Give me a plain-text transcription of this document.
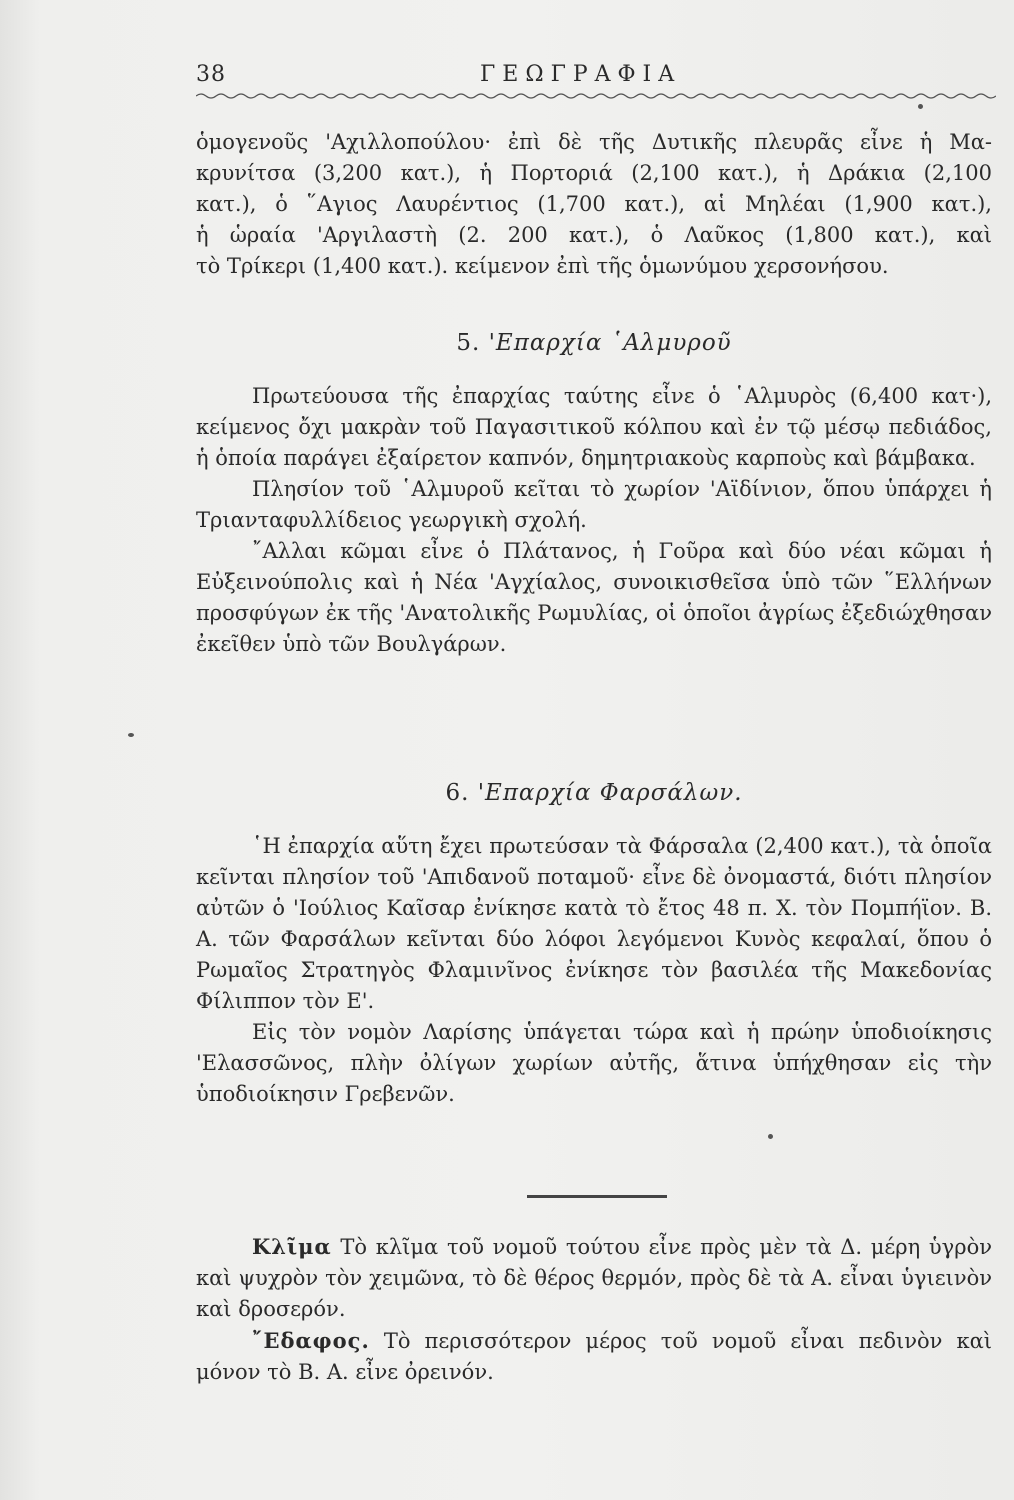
38	ΓΕΩΓΡΑΦΙΑ

ὁμογενοῦς 'Αχιλλοπούλου· ἐπὶ δὲ τῆς Δυτικῆς πλευρᾶς εἶνε ἡ Μα-

κρυνίτσα (3,200 κατ.), ἡ Πορτοριά (2,100 κατ.), ἡ Δράκια (2,100

κατ.), ὁ ῞Αγιος Λαυρέντιος (1,700 κατ.), αἱ Μηλέαι (1,900 κατ.),

ἡ ὡραία 'Αργιλαστὴ (2. 200 κατ.), ὁ Λαῦκος (1,800 κατ.), καὶ

τὸ Τρίκερι (1,400 κατ.). κείμενον ἐπὶ τῆς ὁμωνύμου χερσονήσου.

5. 'Επαρχία ῾Αλμυροῦ

Πρωτεύουσα τῆς ἐπαρχίας ταύτης εἶνε ὁ ῾Αλμυρὸς (6,400 κατ·), κείμενος ὄχι μακρὰν τοῦ Παγασιτικοῦ κόλπου καὶ ἐν τῷ μέσῳ πεδιάδος, ἡ ὁποία παράγει ἐξαίρετον καπνόν, δημητριακοὺς καρποὺς καὶ βάμβακα.

Πλησίον τοῦ ῾Αλμυροῦ κεῖται τὸ χωρίον 'Αϊδίνιον, ὅπου ὑπάρχει ἡ Τριανταφυλλίδειος γεωργικὴ σχολή.

῎Αλλαι κῶμαι εἶνε ὁ Πλάτανος, ἡ Γοῦρα καὶ δύο νέαι κῶμαι ἡ Εὐξεινούπολις καὶ ἡ Νέα 'Αγχίαλος, συνοικισθεῖσα ὑπὸ τῶν ῞Ελλήνων προσφύγων ἐκ τῆς 'Ανατολικῆς Ρωμυλίας, οἱ ὁποῖοι ἀγρίως ἐξεδιώχθησαν ἐκεῖθεν ὑπὸ τῶν Βουλγάρων.

6. 'Επαρχία Φαρσάλων.

῾Η ἐπαρχία αὕτη ἔχει πρωτεύσαν τὰ Φάρσαλα (2,400 κατ.), τὰ ὁποῖα κεῖνται πλησίον τοῦ 'Απιδανοῦ ποταμοῦ· εἶνε δὲ ὀνομαστά, διότι πλησίον αὐτῶν ὁ 'Ιούλιος Καῖσαρ ἐνίκησε κατὰ τὸ ἔτος 48 π. Χ. τὸν Πομπήϊον. Β. Α. τῶν Φαρσάλων κεῖνται δύο λόφοι λεγόμενοι Κυνὸς κεφαλαί, ὅπου ὁ Ρωμαῖος Στρατηγὸς Φλαμινῖνος ἐνίκησε τὸν βασιλέα τῆς Μακεδονίας Φίλιππον τὸν Ε'.

Εἰς τὸν νομὸν Λαρίσης ὑπάγεται τώρα καὶ ἡ πρώην ὑποδιοίκησις 'Ελασσῶνος, πλὴν ὀλίγων χωρίων αὐτῆς, ἅτινα ὑπήχθησαν εἰς τὴν ὑποδιοίκησιν Γρεβενῶν.

Κλῖμα Τὸ κλῖμα τοῦ νομοῦ τούτου εἶνε πρὸς μὲν τὰ Δ. μέρη ὑγρὸν καὶ ψυχρὸν τὸν χειμῶνα, τὸ δὲ θέρος θερμόν, πρὸς δὲ τὰ Α. εἶναι ὑγιεινὸν καὶ δροσερόν.

῎Εδαφος. Τὸ περισσότερον μέρος τοῦ νομοῦ εἶναι πεδινὸν καὶ μόνον τὸ Β. Α. εἶνε ὀρεινόν.
